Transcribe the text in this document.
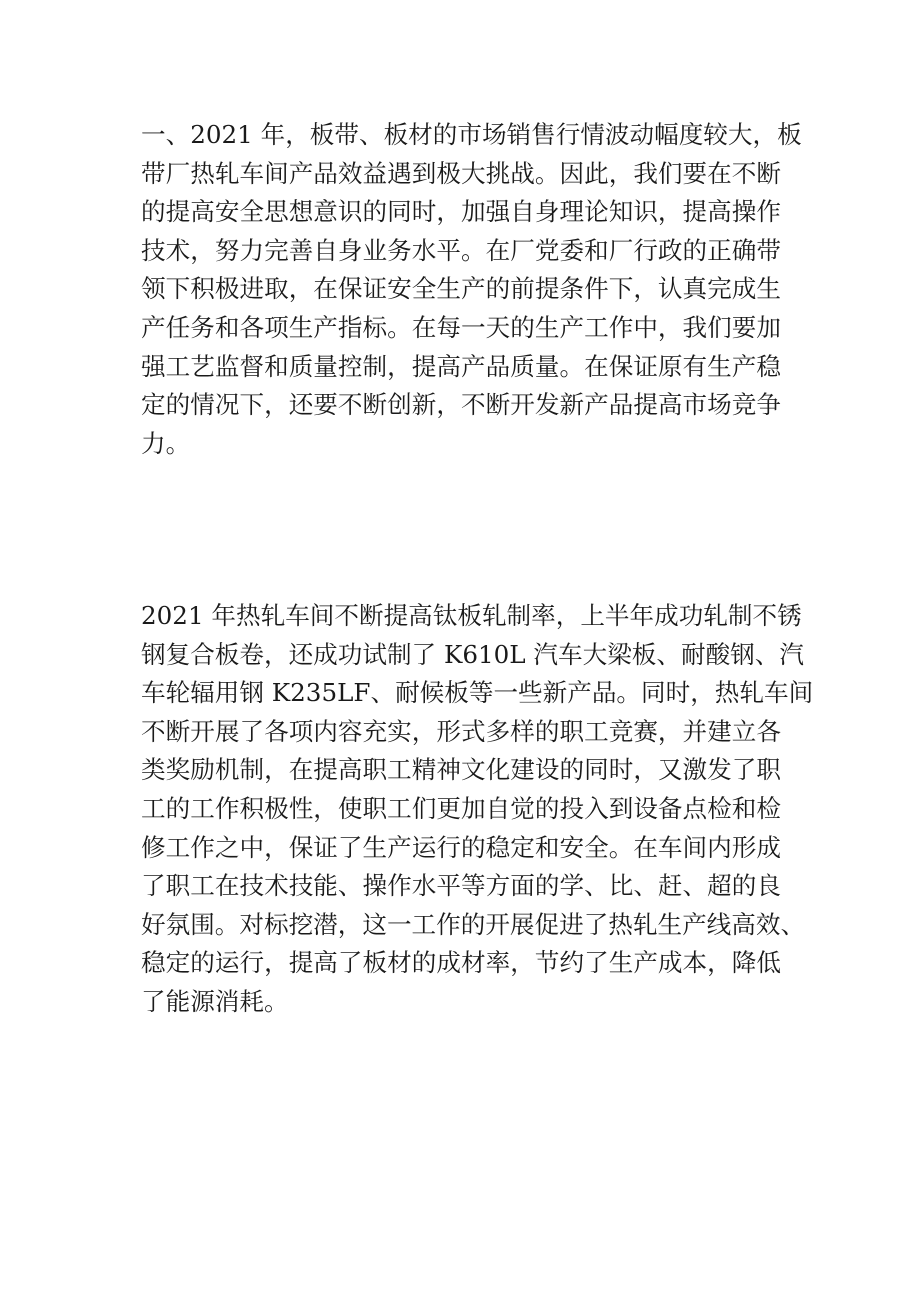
一、2021 年，板带、板材的市场销售行情波动幅度较大，板
带厂热轧车间产品效益遇到极大挑战。因此，我们要在不断
的提高安全思想意识的同时，加强自身理论知识，提高操作
技术，努力完善自身业务水平。在厂党委和厂行政的正确带
领下积极进取，在保证安全生产的前提条件下，认真完成生
产任务和各项生产指标。在每一天的生产工作中，我们要加
强工艺监督和质量控制，提高产品质量。在保证原有生产稳
定的情况下，还要不断创新，不断开发新产品提高市场竞争
力。

2021 年热轧车间不断提高钛板轧制率，上半年成功轧制不锈
钢复合板卷，还成功试制了 K610L 汽车大梁板、耐酸钢、汽
车轮辐用钢 K235LF、耐候板等一些新产品。同时，热轧车间
不断开展了各项内容充实，形式多样的职工竞赛，并建立各
类奖励机制，在提高职工精神文化建设的同时，又激发了职
工的工作积极性，使职工们更加自觉的投入到设备点检和检
修工作之中，保证了生产运行的稳定和安全。在车间内形成
了职工在技术技能、操作水平等方面的学、比、赶、超的良
好氛围。对标挖潜，这一工作的开展促进了热轧生产线高效、
稳定的运行，提高了板材的成材率，节约了生产成本，降低
了能源消耗。
